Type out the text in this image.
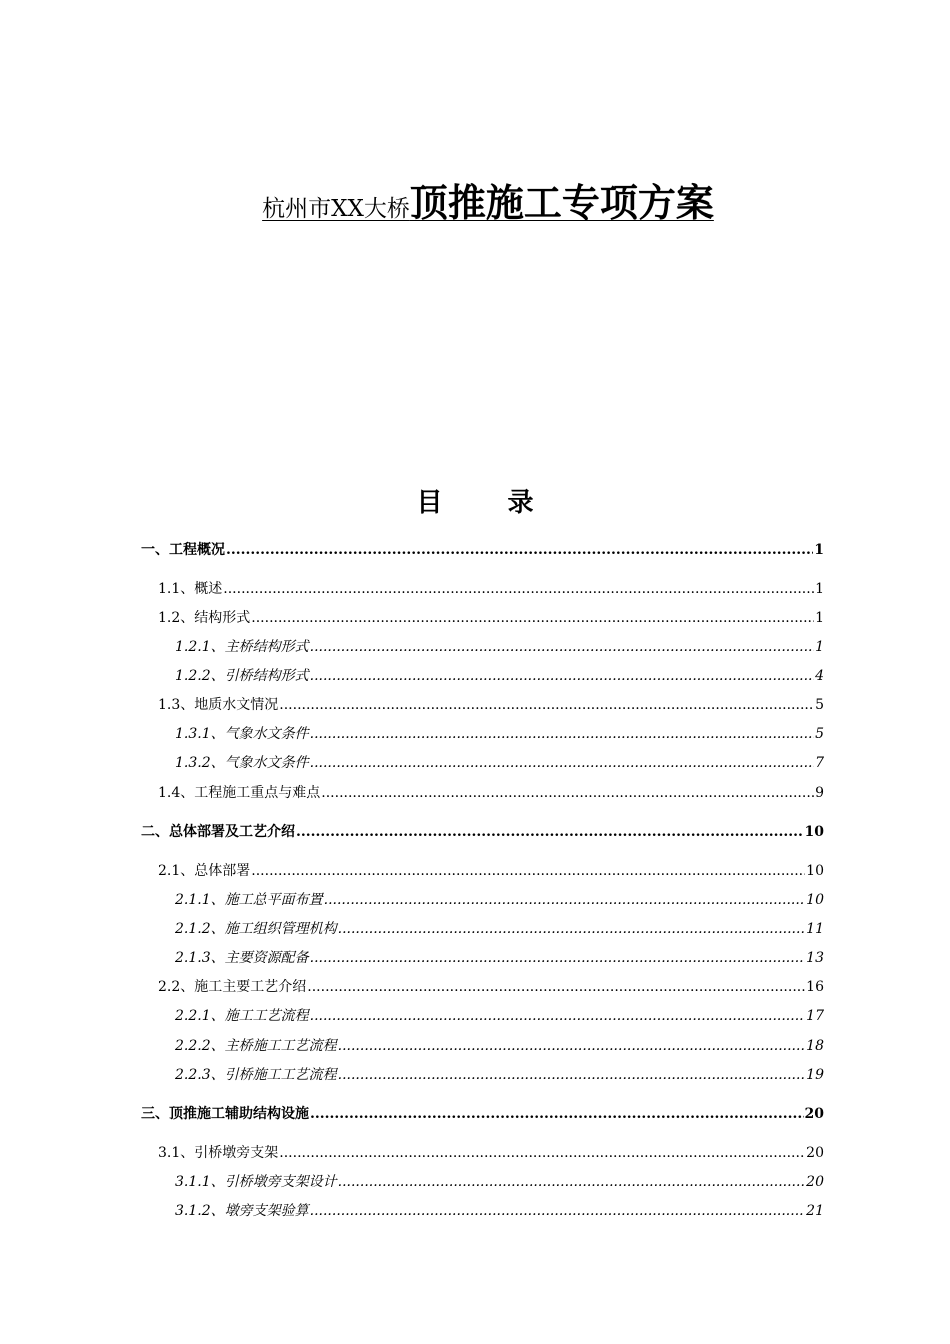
杭州市XX大桥顶推施工专项方案
目 录
一、工程概况 .....	1
1.1、概述 .....	1
1.2、结构形式 .....	1
1.2.1、主桥结构形式 .....	1
1.2.2、引桥结构形式 .....	4
1.3、地质水文情况 .....	5
1.3.1、气象水文条件 .....	5
1.3.2、气象水文条件 .....	7
1.4、工程施工重点与难点 .....	9
二、总体部署及工艺介绍 .....	10
2.1、总体部署 .....	10
2.1.1、施工总平面布置 .....	10
2.1.2、施工组织管理机构 .....	11
2.1.3、主要资源配备 .....	13
2.2、施工主要工艺介绍 .....	16
2.2.1、施工工艺流程 .....	17
2.2.2、主桥施工工艺流程 .....	18
2.2.3、引桥施工工艺流程 .....	19
三、顶推施工辅助结构设施 .....	20
3.1、引桥墩旁支架 .....	20
3.1.1、引桥墩旁支架设计 .....	20
3.1.2、墩旁支架验算 .....	21
